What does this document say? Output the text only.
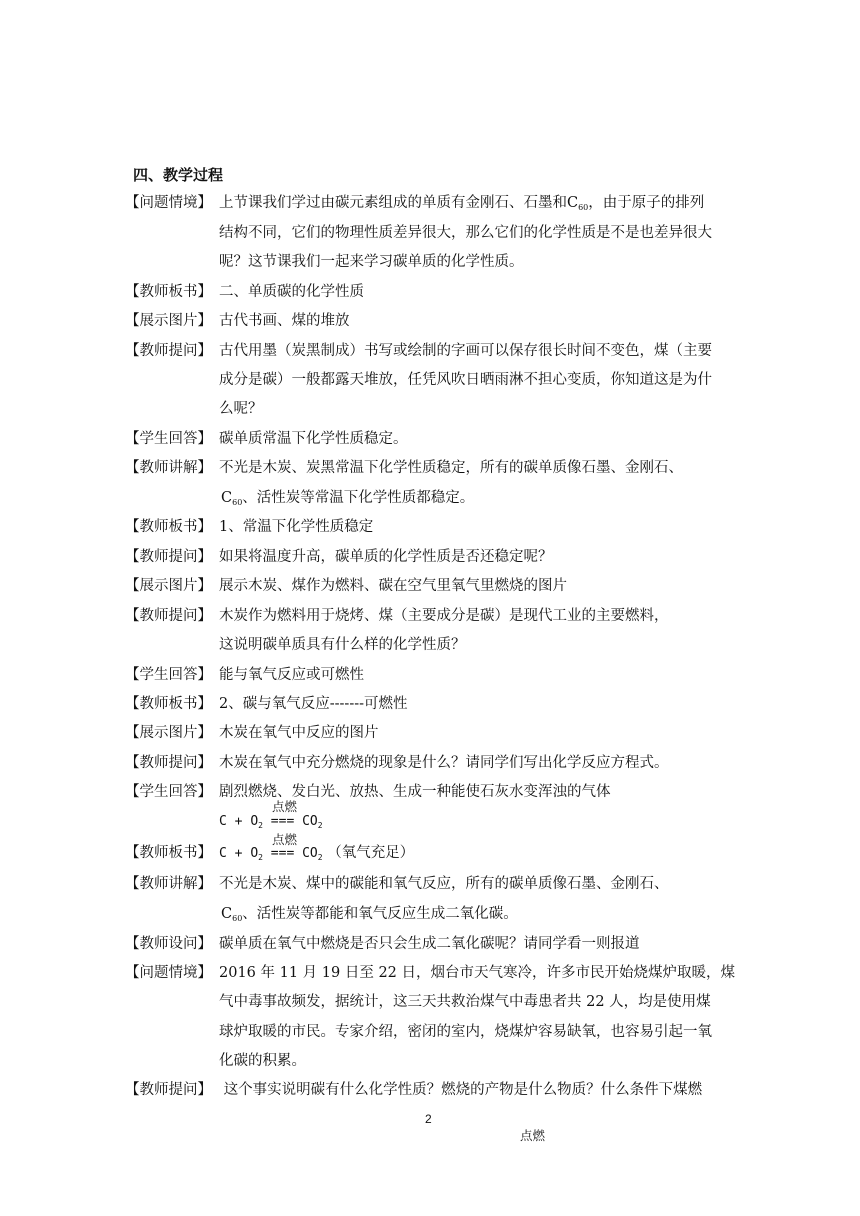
四、教学过程
【问题情境】 上节课我们学过由碳元素组成的单质有金刚石、石墨和$C_{60}$，由于原子的排列
结构不同，它们的物理性质差异很大，那么它们的化学性质是不是也差异很大
呢？这节课我们一起来学习碳单质的化学性质。
【教师板书】 二、单质碳的化学性质
【展示图片】 古代书画、煤的堆放
【教师提问】 古代用墨（炭黑制成）书写或绘制的字画可以保存很长时间不变色，煤（主要
成分是碳）一般都露天堆放，任凭风吹日晒雨淋不担心变质，你知道这是为什
么呢？
【学生回答】 碳单质常温下化学性质稳定。
【教师讲解】 不光是木炭、炭黑常温下化学性质稳定，所有的碳单质像石墨、金刚石、
$C_{60}$、活性炭等常温下化学性质都稳定。
【教师板书】 1、常温下化学性质稳定
【教师提问】 如果将温度升高，碳单质的化学性质是否还稳定呢？
【展示图片】 展示木炭、煤作为燃料、碳在空气里氧气里燃烧的图片
【教师提问】 木炭作为燃料用于烧烤、煤（主要成分是碳）是现代工业的主要燃料，
这说明碳单质具有什么样的化学性质？
【学生回答】 能与氧气反应或可燃性
【教师板书】 2、碳与氧气反应-------可燃性
【展示图片】 木炭在氧气中反应的图片
【教师提问】 木炭在氧气中充分燃烧的现象是什么？请同学们写出化学反应方程式。
【学生回答】 剧烈燃烧、发白光、放热、生成一种能使石灰水变浑浊的气体
点燃
$C + O_2$ === $CO_2$
点燃
【教师板书】 $C + O_2$ === $CO_2$ （氧气充足）
【教师讲解】 不光是木炭、煤中的碳能和氧气反应，所有的碳单质像石墨、金刚石、
$C_{60}$、活性炭等都能和氧气反应生成二氧化碳。
【教师设问】 碳单质在氧气中燃烧是否只会生成二氧化碳呢？请同学看一则报道
【问题情境】 2016 年 11 月 19 日至 22 日，烟台市天气寒冷，许多市民开始烧煤炉取暖，煤
气中毒事故频发，据统计，这三天共救治煤气中毒患者共 22 人，均是使用煤
球炉取暖的市民。专家介绍，密闭的室内，烧煤炉容易缺氧，也容易引起一氧
化碳的积累。
【教师提问】 这个事实说明碳有什么化学性质？燃烧的产物是什么物质？什么条件下煤燃
2
点燃
